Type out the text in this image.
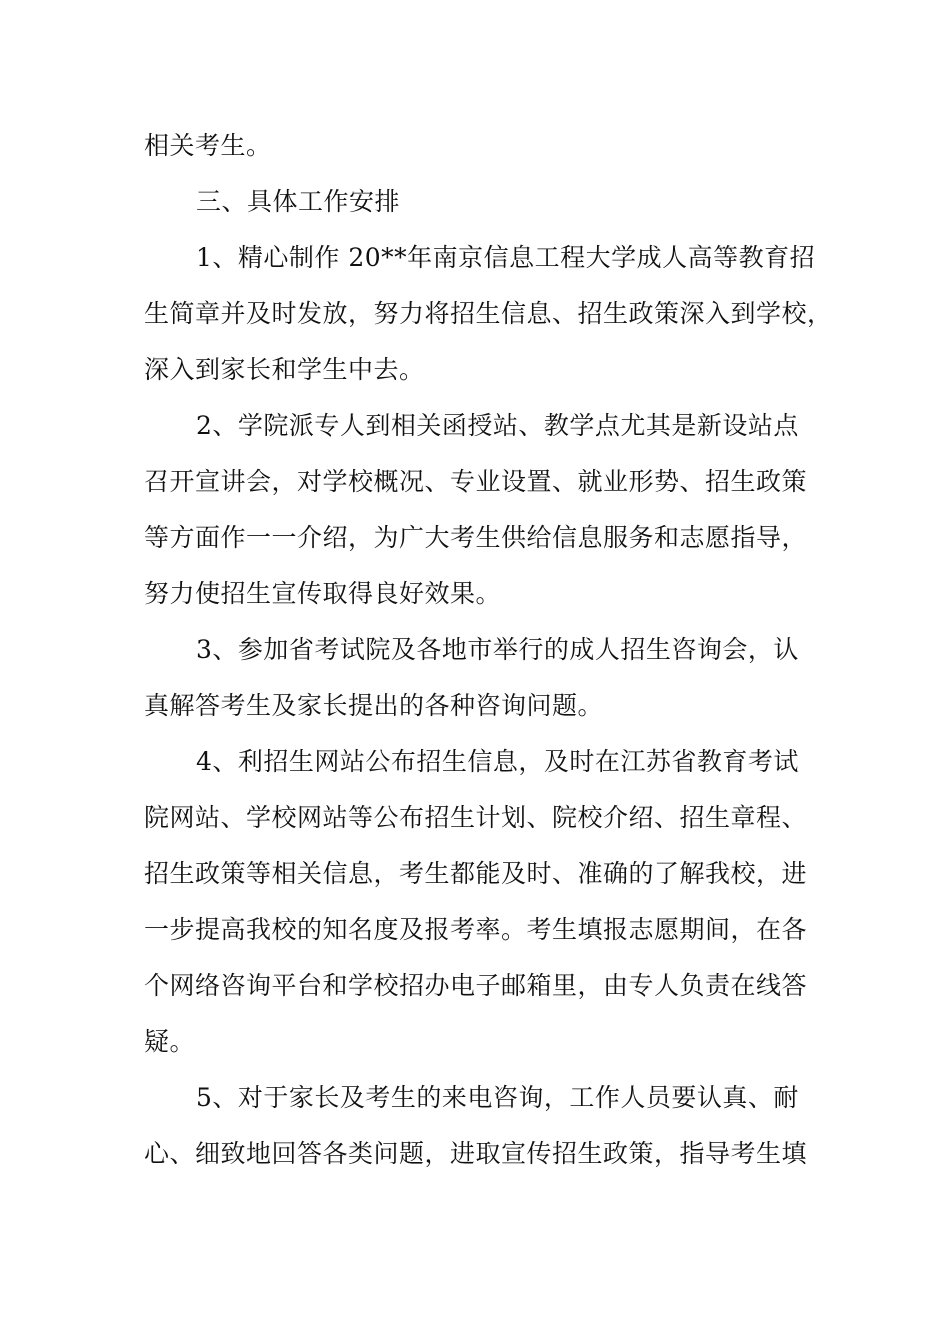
相关考生。
三、具体工作安排
1、精心制作 20**年南京信息工程大学成人高等教育招
生简章并及时发放，努力将招生信息、招生政策深入到学校，
深入到家长和学生中去。
2、学院派专人到相关函授站、教学点尤其是新设站点
召开宣讲会，对学校概况、专业设置、就业形势、招生政策
等方面作一一介绍，为广大考生供给信息服务和志愿指导，
努力使招生宣传取得良好效果。
3、参加省考试院及各地市举行的成人招生咨询会，认
真解答考生及家长提出的各种咨询问题。
4、利招生网站公布招生信息，及时在江苏省教育考试
院网站、学校网站等公布招生计划、院校介绍、招生章程、
招生政策等相关信息，考生都能及时、准确的了解我校，进
一步提高我校的知名度及报考率。考生填报志愿期间，在各
个网络咨询平台和学校招办电子邮箱里，由专人负责在线答
疑。
5、对于家长及考生的来电咨询，工作人员要认真、耐
心、细致地回答各类问题，进取宣传招生政策，指导考生填
